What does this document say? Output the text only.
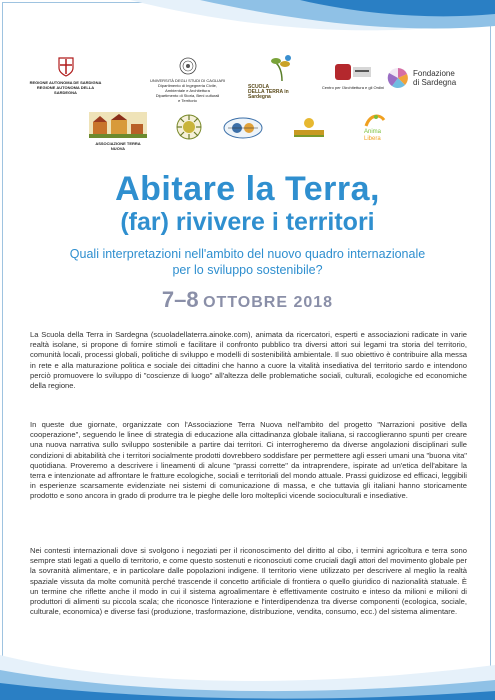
REGIONE AUTONOMA DE SARDIGNA
REGIONE AUTONOMA DELLA SARDEGNA
UNIVERSITÀ DEGLI STUDI DI CAGLIARI
Dipartimento di Ingegneria Civile,
Ambientale e Architettura
Dipartimento di Storia, Beni culturali
e Territorio
SCUOLA
DELLA TERRA in Sardegna
Centro per l'Architettura e gli Ordini
Fondazione
di Sardegna
ASSOCIAZIONE TERRA NUOVA
Anima
Libera
Abitare la Terra,
(far) rivivere i territori
Quali interpretazioni nell'ambito del nuovo quadro internazionale per lo sviluppo sostenibile?
7–8 OTTOBRE 2018
La Scuola della Terra in Sardegna (scuoladellaterra.ainoke.com), animata da ricercatori, esperti e associazioni radicate in varie realtà isolane, si propone di fornire stimoli e facilitare il confronto pubblico tra diversi attori sui legami tra storia del territorio, comunità locali, processi globali, politiche di sviluppo e modelli di sostenibilità ambientale. Il suo obiettivo è contribuire alla messa in rete e alla maturazione politica e sociale dei cittadini che hanno a cuore la vitalità insediativa del territorio sardo e intendono perciò promuovere lo sviluppo di "coscienze di luogo" all'altezza delle problematiche sociali, culturali, ecologiche ed economiche della regione.
In queste due giornate, organizzate con l'Associazione Terra Nuova nell'ambito del progetto "Narrazioni positive della cooperazione", seguendo le linee di strategia di educazione alla cittadinanza globale italiana, si raccoglieranno spunti per creare una nuova narrativa sullo sviluppo sostenibile a partire dai territori. Ci interrogheremo da diverse angolazioni disciplinari sulle condizioni di abitabilità che i territori socialmente prodotti dovrebbero soddisfare per permettere agli esseri umani una "buona vita" quotidiana. Proveremo a descrivere i lineamenti di alcune "prassi corrette" da intraprendere, ispirate ad un'etica dell'abitare la terra e intenzionate ad affrontare le fratture ecologiche, sociali e territoriali del mondo attuale. Prassi guidizose ed efficaci, leggibili in esperienze scarsamente evidenziate nei sistemi di comunicazione di massa, e che tuttavia gli italiani hanno storicamente prodotto e sono ancora in grado di produrre tra le pieghe delle loro molteplici vicende socioculturali e insediative.
Nei contesti internazionali dove si svolgono i negoziati per il riconoscimento del diritto al cibo, i termini agricoltura e terra sono sempre stati legati a quello di territorio, e come questo sostenuti e riconosciuti come cruciali dagli attori del movimento globale per la sovranità alimentare, e in particolare dalle popolazioni indigene. Il territorio viene utilizzato per descrivere al meglio la realtà spaziale vissuta da molte comunità perché trascende il concetto artificiale di frontiera o quello giuridico di nazionalità statuale. È un termine che riflette anche il modo in cui il sistema agroalimentare è effettivamente costruito e inteso da milioni e milioni di produttori di alimenti su piccola scala; che riconosce l'interazione e l'interdipendenza tra diverse componenti (ecologica, sociale, culturale, economica) e diverse fasi (produzione, trasformazione, distribuzione, vendita, consumo, ecc.) del sistema alimentare.
